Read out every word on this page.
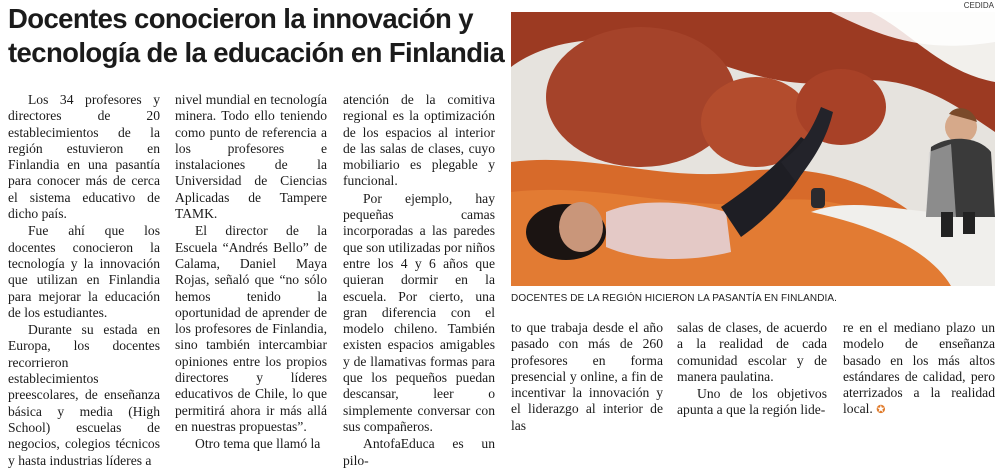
Docentes conocieron la innovación y
tecnología de la educación en Finlandia
CEDIDA
DOCENTES DE LA REGIÓN HICIERON LA PASANTÍA EN FINLANDIA.

Los 34 profesores y directores de 20 establecimientos de la región estuvieron en Finlandia en una pasantía para conocer más de cerca el sistema educativo de dicho país.

Fue ahí que los docentes conocieron la tecnología y la innovación que utilizan en Finlandia para mejorar la educación de los estudiantes.

Durante su estada en Europa, los docentes recorrieron establecimientos preescolares, de enseñanza básica y media (High School) escuelas de negocios, colegios técnicos y hasta industrias líderes a

nivel mundial en tecnología minera. Todo ello teniendo como punto de referencia a los profesores e instalaciones de la Universidad de Ciencias Aplicadas de Tampere TAMK.

El director de la Escuela “Andrés Bello” de Calama, Daniel Maya Rojas, señaló que “no sólo hemos tenido la oportunidad de aprender de los profesores de Finlandia, sino también intercambiar opiniones entre los propios directores y líderes educativos de Chile, lo que permitirá ahora ir más allá en nuestras propuestas”.

Otro tema que llamó la

atención de la comitiva regional es la optimización de los espacios al interior de las salas de clases, cuyo mobiliario es plegable y funcional.

Por ejemplo, hay pequeñas camas incorporadas a las paredes que son utilizadas por niños entre los 4 y 6 años que quieran dormir en la escuela. Por cierto, una gran diferencia con el modelo chileno. También existen espacios amigables y de llamativas formas para que los pequeños puedan descansar, leer o simplemente conversar con sus compañeros.

AntofaEduca es un pilo-

to que trabaja desde el año pasado con más de 260 profesores en forma presencial y online, a fin de incentivar la innovación y el liderazgo al interior de las

salas de clases, de acuerdo a la realidad de cada comunidad escolar y de manera paulatina.

Uno de los objetivos apunta a que la región lide-

re en el mediano plazo un modelo de enseñanza basado en los más altos estándares de calidad, pero aterrizados a la realidad local. ✪
